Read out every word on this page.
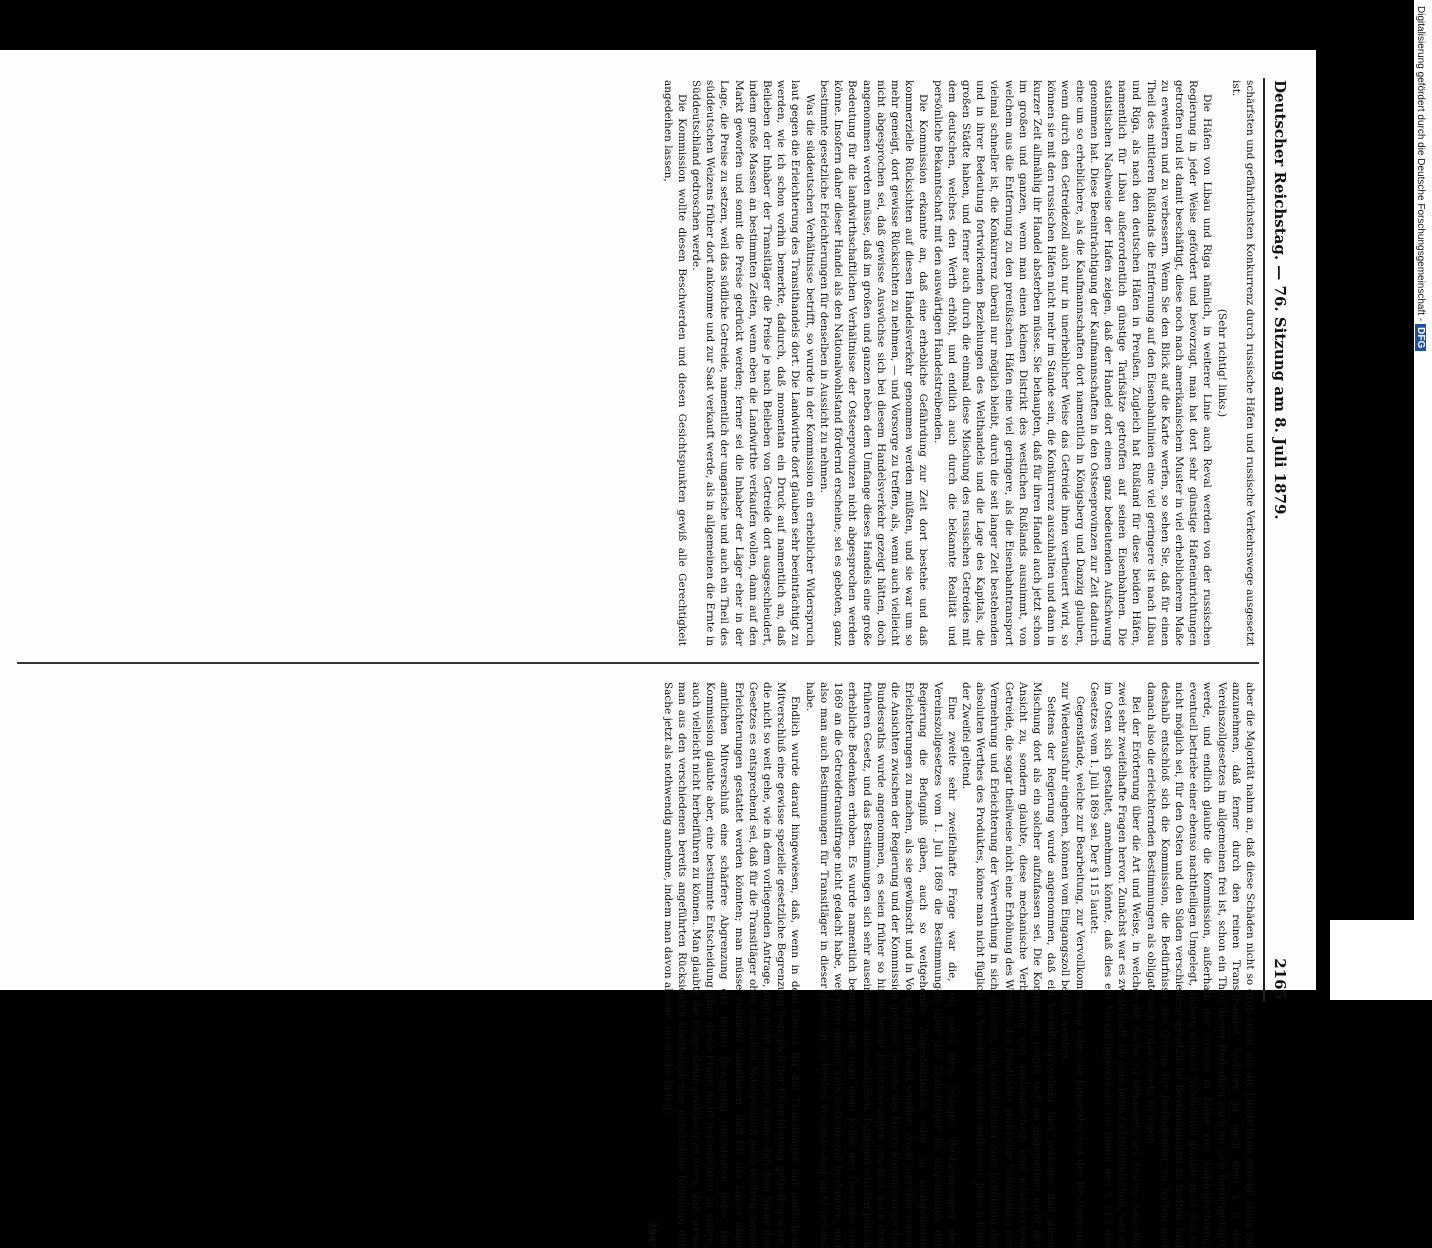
Deutscher Reichstag. — 76. Sitzung am 8. Juli 1879.
2165

schärfsten und gefährlichsten Konkurrenz durch russische Häfen und russische Verkehrswege ausgesetzt ist.

(Sehr richtig! links.)

Die Häfen von Libau und Riga nämlich, in weiterer Linie auch Reval werden von der russischen Regierung in jeder Weise gefördert und bevorzugt, man hat dort sehr günstige Hafeneinrichtungen getroffen und ist damit beschäftigt, diese noch nach amerikanischem Muster in viel erheblicherem Maße zu erweitern und zu verbessern. Wenn Sie den Blick auf die Karte werfen, so sehen Sie, daß für einen Theil des mittleren Rußlands die Entfernung auf den Eisenbahnlinien eine viel geringere ist nach Libau und Riga, als nach den deutschen Häfen in Preußen. Zugleich hat Rußland für diese beiden Häfen, namentlich für Libau außerordentlich günstige Tarifsätze getroffen auf seinen Eisenbahnen. Die statistischen Nachweise der Hafen zeigen, daß der Handel dort einen ganz bedeutenden Aufschwung genommen hat. Diese Beeinträchtigung der Kaufmannschaften in den Ostseeprovinzen zur Zeit dadurch eine um so erheblichere, als die Kaufmannschaften dort namentlich in Königsberg und Danzig glauben, wenn durch den Getreidezoll auch nur in unerheblicher Weise das Getreide ihnen vertheuert wird, so können sie mit den russischen Häfen nicht mehr im Stande sein, die Konkurrenz auszuhalten und dann in kurzer Zeit allmählig ihr Handel absterben müsse. Sie behaupten, daß für ihren Handel auch jetzt schon im großen und ganzen, wenn man einen kleinen Distrikt des westlichen Rußlands ausnimmt, von welchem aus die Entfernung zu den preußischen Häfen eine viel geringere, als die Eisenbahntransport vielmal schneller ist, die Konkurrenz überall nur möglich bleibt, durch die seit langer Zeit bestehenden und in ihrer Bedeutung fortwirkenden Beziehungen des Welthandels und die Lage des Kapitals, die großen Städte haben, und ferner auch durch die einmal diese Mischung des russischen Getreides mit dem deutschen, welches den Werth erhöht, und endlich auch durch die bekannte Realität und persönliche Bekanntschaft mit den auswärtigen Handelstreibenden.

Die Kommission erkannte an, daß eine erhebliche Gefährdung zur Zeit dort bestehe und daß kommerzielle Rücksichten auf diesen Handelsverkehr genommen werden müßten, und sie war um so mehr geneigt, dort gewisse Rücksichten zu nehmen, — und Vorsorge zu treffen, als, wenn auch vielleicht nicht abgesprochen sei, daß gewisse Auswüchse sich bei diesem Handelsverkehr gezeigt hätten, doch angenommen werden müsse, daß im großen und ganzen neben dem Umfange dieses Handels eine große Bedeutung für die landwirthschaftlichen Verhältnisse der Ostseeprovinzen nicht abgesprochen werden könne. Insofern daher dieser Handel als den Nationalwohlstand fördernd erscheine, sei es geboten, ganz bestimmte gesetzliche Erleichterungen für denselben in Aussicht zu nehmen.

Was die süddeutschen Verhältnisse betrifft, so wurde in der Kommission ein erheblicher Widerspruch laut gegen die Erleichterung des Transithandels dort. Die Landwirthe dort glauben sehr beeinträchtigt zu werden, wie ich schon vorhin bemerkte, dadurch, daß momentan ein Druck auf namentlich an, daß Belieben der Inhaber der Transitläger die Preise je nach Belieben von Getreide dort ausgeschleudert, indem große Massen an bestimmten Zeiten, wenn eben die Landwirthe verkaufen wollen, dann auf den Markt geworfen und somit die Preise gedrückt werden; ferner sei die Inhaber der Läger eher in der Lage, die Preise zu setzen, weil das südliche Getreide, namentlich der ungarische und auch ein Theil des süddeutschen Weizens früher dort ankomme und zur Saat verkauft werde, als in allgemeinen die Ernte in Süddeutschland gedroschen werde.

Die Kommission wollte diesen Beschwerden und diesen Gesichtspunkten gewiß alle Gerechtigkeit angedeihen lassen,

aber die Majorität nahm an, daß diese Schäden nicht so groß seien, als die Landwirthe geneigt seien sie anzunehmen, daß ferner durch den reinen Transithandel, welcher ja nach dem § 6 des Vereinszollgesetzes im allgemeinen frei ist, schon ein Theil dieser Bedenken auch an sich herbeigeführt werde, und endlich glaubte die Kommission, außerhalb der Grenze in Nähe von Süddeutschland, eventuell betriebe einer ebenso nachtheiligen Umgelegt, äußern können. Schließlich glaubte man, daß es nicht möglich sei, für den Osten und den Süden verschiedene gesetzliche Bestimmungen zu treffen, und deshalb entschloß sich die Kommission, die Bedürfnisse des Ostens für bedeutender zu halten und danach also die erleichternden Bestimmungen als obligatorisch in das Gesetz zu legen.

Bei der Erörterung über die Art und Weise, in welcher die Sache zu behandeln sei, traten zunächst zwei sehr zweifelhafte Fragen hervor. Zunächst war es zweifelhaft, ob man beim Getreidemischen, wie es im Osten sich gestaltet, annehmen könnte, daß dies ein Veredlungsverkehr im Sinne des § 115 des Gesetzes vom 1. Juli 1869 sei. Der § 115 lautet:

Gegenstände, welche zur Bearbeitung, zur Vervollkommnung oder zur Reparatur mit der Bestimmung zur Wiederausfuhr eingehen, können vom Eingangszoll befreit werden.

Seitens der Regierung wurde angenommen, daß ein Veredlungsverkehr hier vorliege, daß diese Mischung dort als ein solcher aufzufassen sei. Die Kommission neigte sich im allgemeinen nicht der Ansicht zu, sondern glaubte, diese mechanische Verbindung von ausländischem und inländischem Getreide, die sogar theilweise nicht eine Erhöhung des Werthes des Produktes, wohl eine Schädigung der Vermehrung und Erleichterung der Verwerthung in sich schließe, also nicht immer eine Erhöhung des absoluten Werthes des Produktes, könne man nicht füglich als Veredlungsverkehr auffassen. Jedoch blieb der Zweifel geltend.

Eine zweite sehr zweifelhafte Frage war die, ob nach den jetzigen Bestimmungen des Vereinszollgesetzes vom 1. Juli 1869 die Bestimmungen über die Transitläger im allgemeinen der Regierung die Befugniß gäben, auch so weitgehende Zugeständnisse oder so weitgehende Erleichterungen zu machen, als sie gewünscht und in Vorschlag gebracht wurden. Auch hierüber waren die Ansichten zwischen der Regierung und der Kommission getheilt. Seitens des Herrn Kommissarius des Bundesraths wurde angenommen, es seien früher so hinreichende Erleichterungen gewährt nach dem früheren Gesetz, und das Bestimmungen sich sehr auseinander auszuschließen. Dagegen wurden jedoch erhebliche Bedenken erhoben. Es wurde namentlich bemerkt, daß man beim Erlaß des Gesetzes von 1869 an die Getreidetransitfrage nicht gedacht habe, weil eben damals kein Getreidezoll bestanden, und also man auch Bestimmungen für Transitläger in dieser Richtung zu treffen Veranlassung nicht gehabt habe.

Endlich wurde darauf hingewiesen, daß, wenn in dem Gesetz für die Transitläger mit amtlichem Mitverschluß eine gewisse spezielle gesetzliche Begrenzung bezüglich der Erleichterung getroffen wäre, die nicht so weit gehe, wie in dem vorliegenden Antrage, man nicht annehmen könne, daß dem Sinne des Gesetzes es entsprechend sei, daß für die Transitläger ohne amtlichen Mitverschluß noch weitergehende Erleichterungen gestattet werden könnten; man müsse vielmehr annehmen, daß für die Läger ohne amtlichen Mitverschluß eine schärfere Abgrenzung der freien Bewegung einzutreten habe. Die Kommission glaubte aber, eine bestimmte Entscheidung über diese Frage nicht herbeiführen zu sollen, auch vielleicht nicht herbeiführen zu können. Man glaubte die Frage dahin praktisch zu lösen, daß, wenn man aus den verschiedenen bereits angeführten Rücksichten überhaupt eine gesetzliche Regelung der Sache jetzt als nothwendig annehme, indem man davon absehe, ob solche Befug-

294*

Digitalisierung gefördert durch die Deutsche Forschungsgemeinschaft -DFG
